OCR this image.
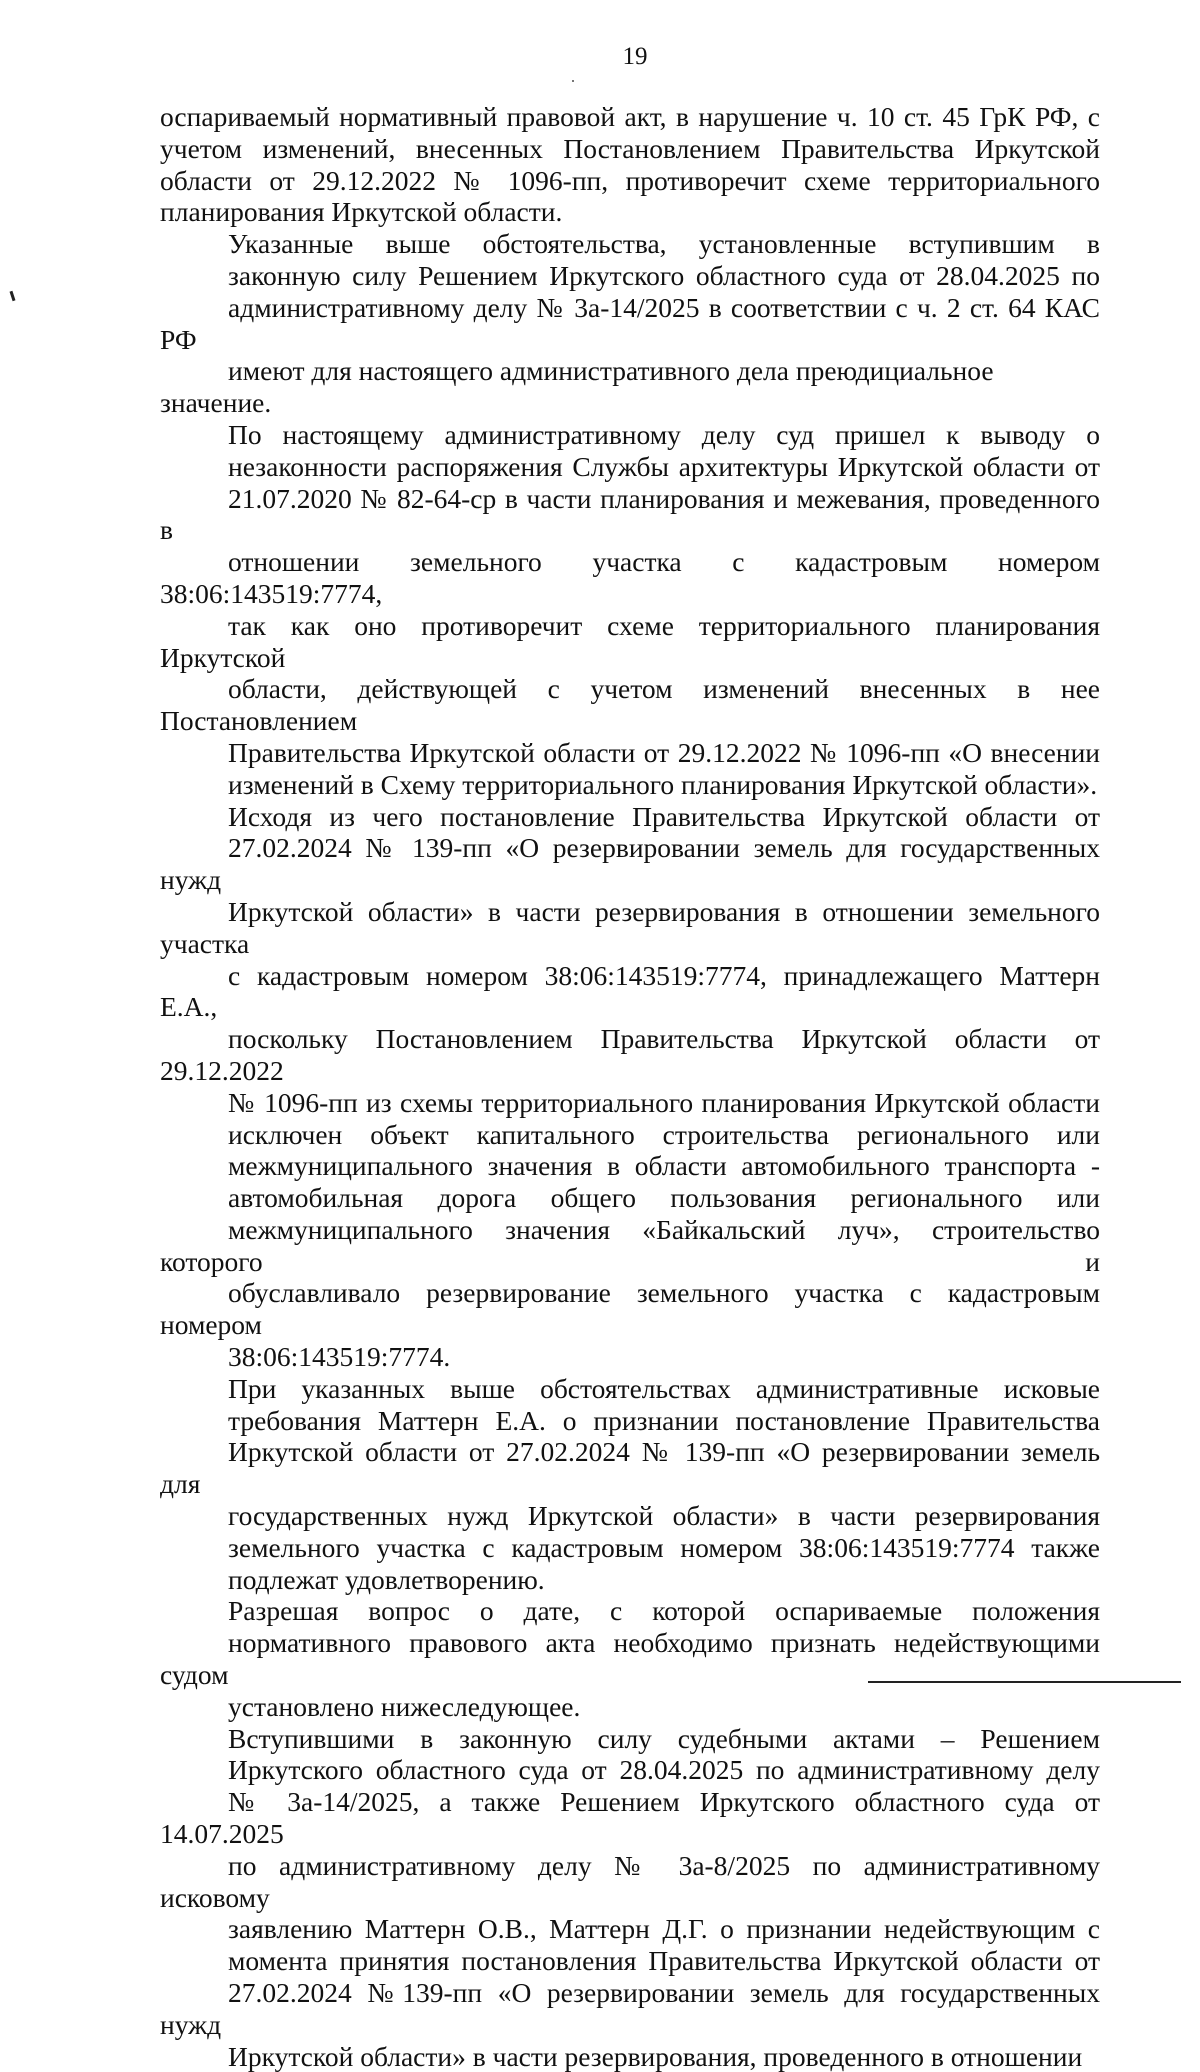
19

оспариваемый нормативный правовой акт, в нарушение ч. 10 ст. 45 ГрК РФ, с
учетом изменений, внесенных Постановлением Правительства Иркутской
области от 29.12.2022 № 1096-пп, противоречит схеме территориального
планирования Иркутской области.

Указанные выше обстоятельства, установленные вступившим в
законную силу Решением Иркутского областного суда от 28.04.2025 по
административному делу № 3а-14/2025 в соответствии с ч. 2 ст. 64 КАС РФ
имеют для настоящего административного дела преюдициальное значение.

По настоящему административному делу суд пришел к выводу о
незаконности распоряжения Службы архитектуры Иркутской области от
21.07.2020 № 82-64-ср в части планирования и межевания, проведенного в
отношении земельного участка с кадастровым номером 38:06:143519:7774,
так как оно противоречит схеме территориального планирования Иркутской
области, действующей с учетом изменений внесенных в нее Постановлением
Правительства Иркутской области от 29.12.2022 № 1096-пп «О внесении
изменений в Схему территориального планирования Иркутской области».

Исходя из чего постановление Правительства Иркутской области от
27.02.2024 № 139-пп «О резервировании земель для государственных нужд
Иркутской области» в части резервирования в отношении земельного участка
с кадастровым номером 38:06:143519:7774, принадлежащего Маттерн Е.А.,
поскольку Постановлением Правительства Иркутской области от 29.12.2022
№ 1096-пп из схемы территориального планирования Иркутской области
исключен объект капитального строительства регионального или
межмуниципального значения в области автомобильного транспорта -
автомобильная дорога общего пользования регионального или
межмуниципального значения «Байкальский луч», строительство которого и
обуславливало резервирование земельного участка с кадастровым номером
38:06:143519:7774.

При указанных выше обстоятельствах административные исковые
требования Маттерн Е.А. о признании постановление Правительства
Иркутской области от 27.02.2024 № 139-пп «О резервировании земель для
государственных нужд Иркутской области» в части резервирования
земельного участка с кадастровым номером 38:06:143519:7774 также
подлежат удовлетворению.

Разрешая вопрос о дате, с которой оспариваемые положения
нормативного правового акта необходимо признать недействующими судом
установлено нижеследующее.

Вступившими в законную силу судебными актами – Решением
Иркутского областного суда от 28.04.2025 по административному делу
№ 3а-14/2025, а также Решением Иркутского областного суда от 14.07.2025
по административному делу № 3а-8/2025 по административному исковому
заявлению Маттерн О.В., Маттерн Д.Г. о признании недействующим с
момента принятия постановления Правительства Иркутской области от
27.02.2024 №139-пп «О резервировании земель для государственных нужд
Иркутской области» в части резервирования, проведенного в отношении
